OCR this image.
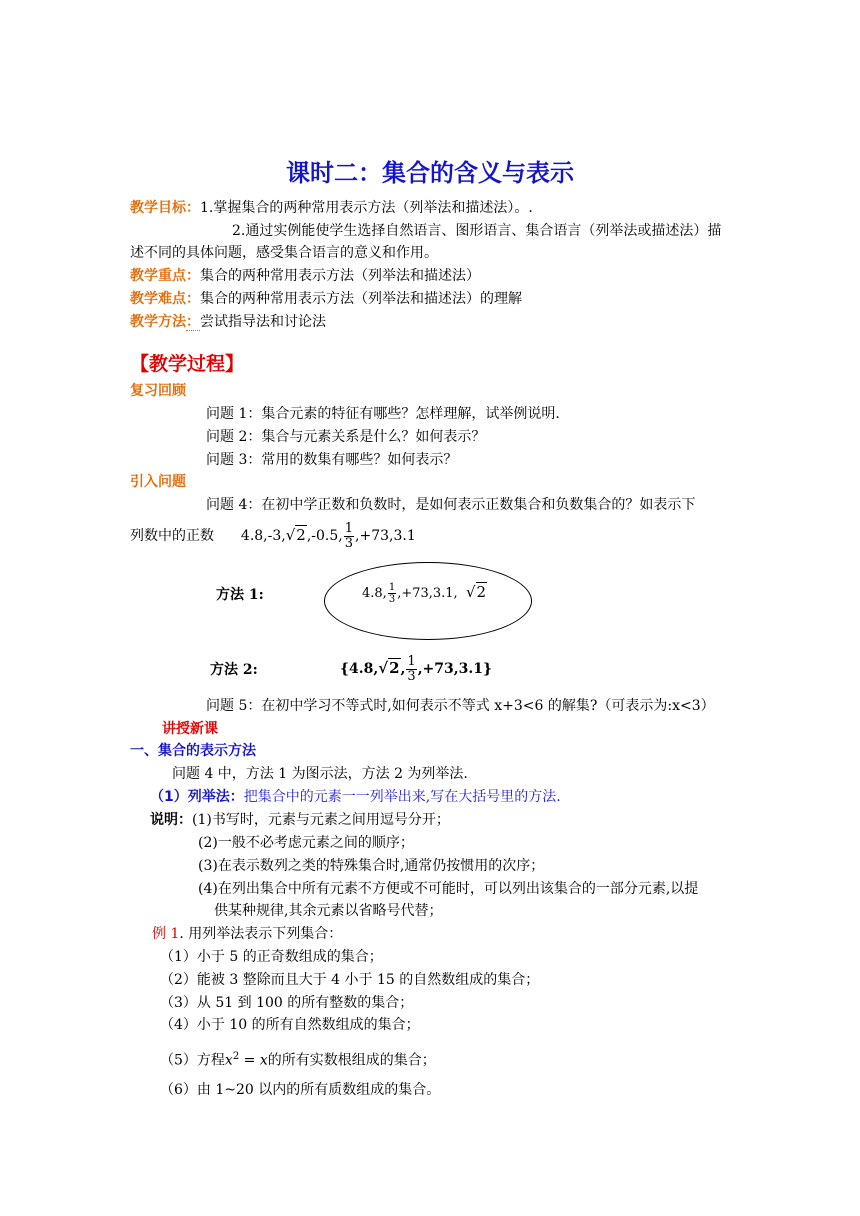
课时二：集合的含义与表示
教学目标：1.掌握集合的两种常用表示方法（列举法和描述法）。.
2.通过实例能使学生选择自然语言、图形语言、集合语言（列举法或描述法）描
述不同的具体问题，感受集合语言的意义和作用。
教学重点：集合的两种常用表示方法（列举法和描述法）
教学难点：集合的两种常用表示方法（列举法和描述法）的理解
教学方法：尝试指导法和讨论法
【教学过程】
复习回顾
问题 1：集合元素的特征有哪些？怎样理解，试举例说明.
问题 2：集合与元素关系是什么？如何表示？
问题 3：常用的数集有哪些？如何表示？
引入问题
问题 4：在初中学正数和负数时，是如何表示正数集合和负数集合的？如表示下
列数中的正数 4.8,-3,√2,-0.5, $\frac{1}{3} ,+73,3.1$
方法 1:	4.8, $\frac{1}{3} ,+73,3.1$, √2
方法 2:	{4.8,√2, $\frac{1}{3} ,+73,3.1$}
问题 5：在初中学习不等式时,如何表示不等式 x+3<6 的解集?（可表示为:x<3）
讲授新课
一、集合的表示方法
问题 4 中，方法 1 为图示法，方法 2 为列举法.
（1）列举法：把集合中的元素一一列举出来,写在大括号里的方法.
说明：(1)书写时，元素与元素之间用逗号分开；
(2)一般不必考虑元素之间的顺序；
(3)在表示数列之类的特殊集合时,通常仍按惯用的次序；
(4)在列出集合中所有元素不方便或不可能时，可以列出该集合的一部分元素,以提
供某种规律,其余元素以省略号代替；
例 1. 用列举法表示下列集合：
（1）小于 5 的正奇数组成的集合；
（2）能被 3 整除而且大于 4 小于 15 的自然数组成的集合；
（3）从 51 到 100 的所有整数的集合；
（4）小于 10 的所有自然数组成的集合；
（5）方程$x^2 = x$的所有实数根组成的集合；
（6）由 1~20 以内的所有质数组成的集合。
